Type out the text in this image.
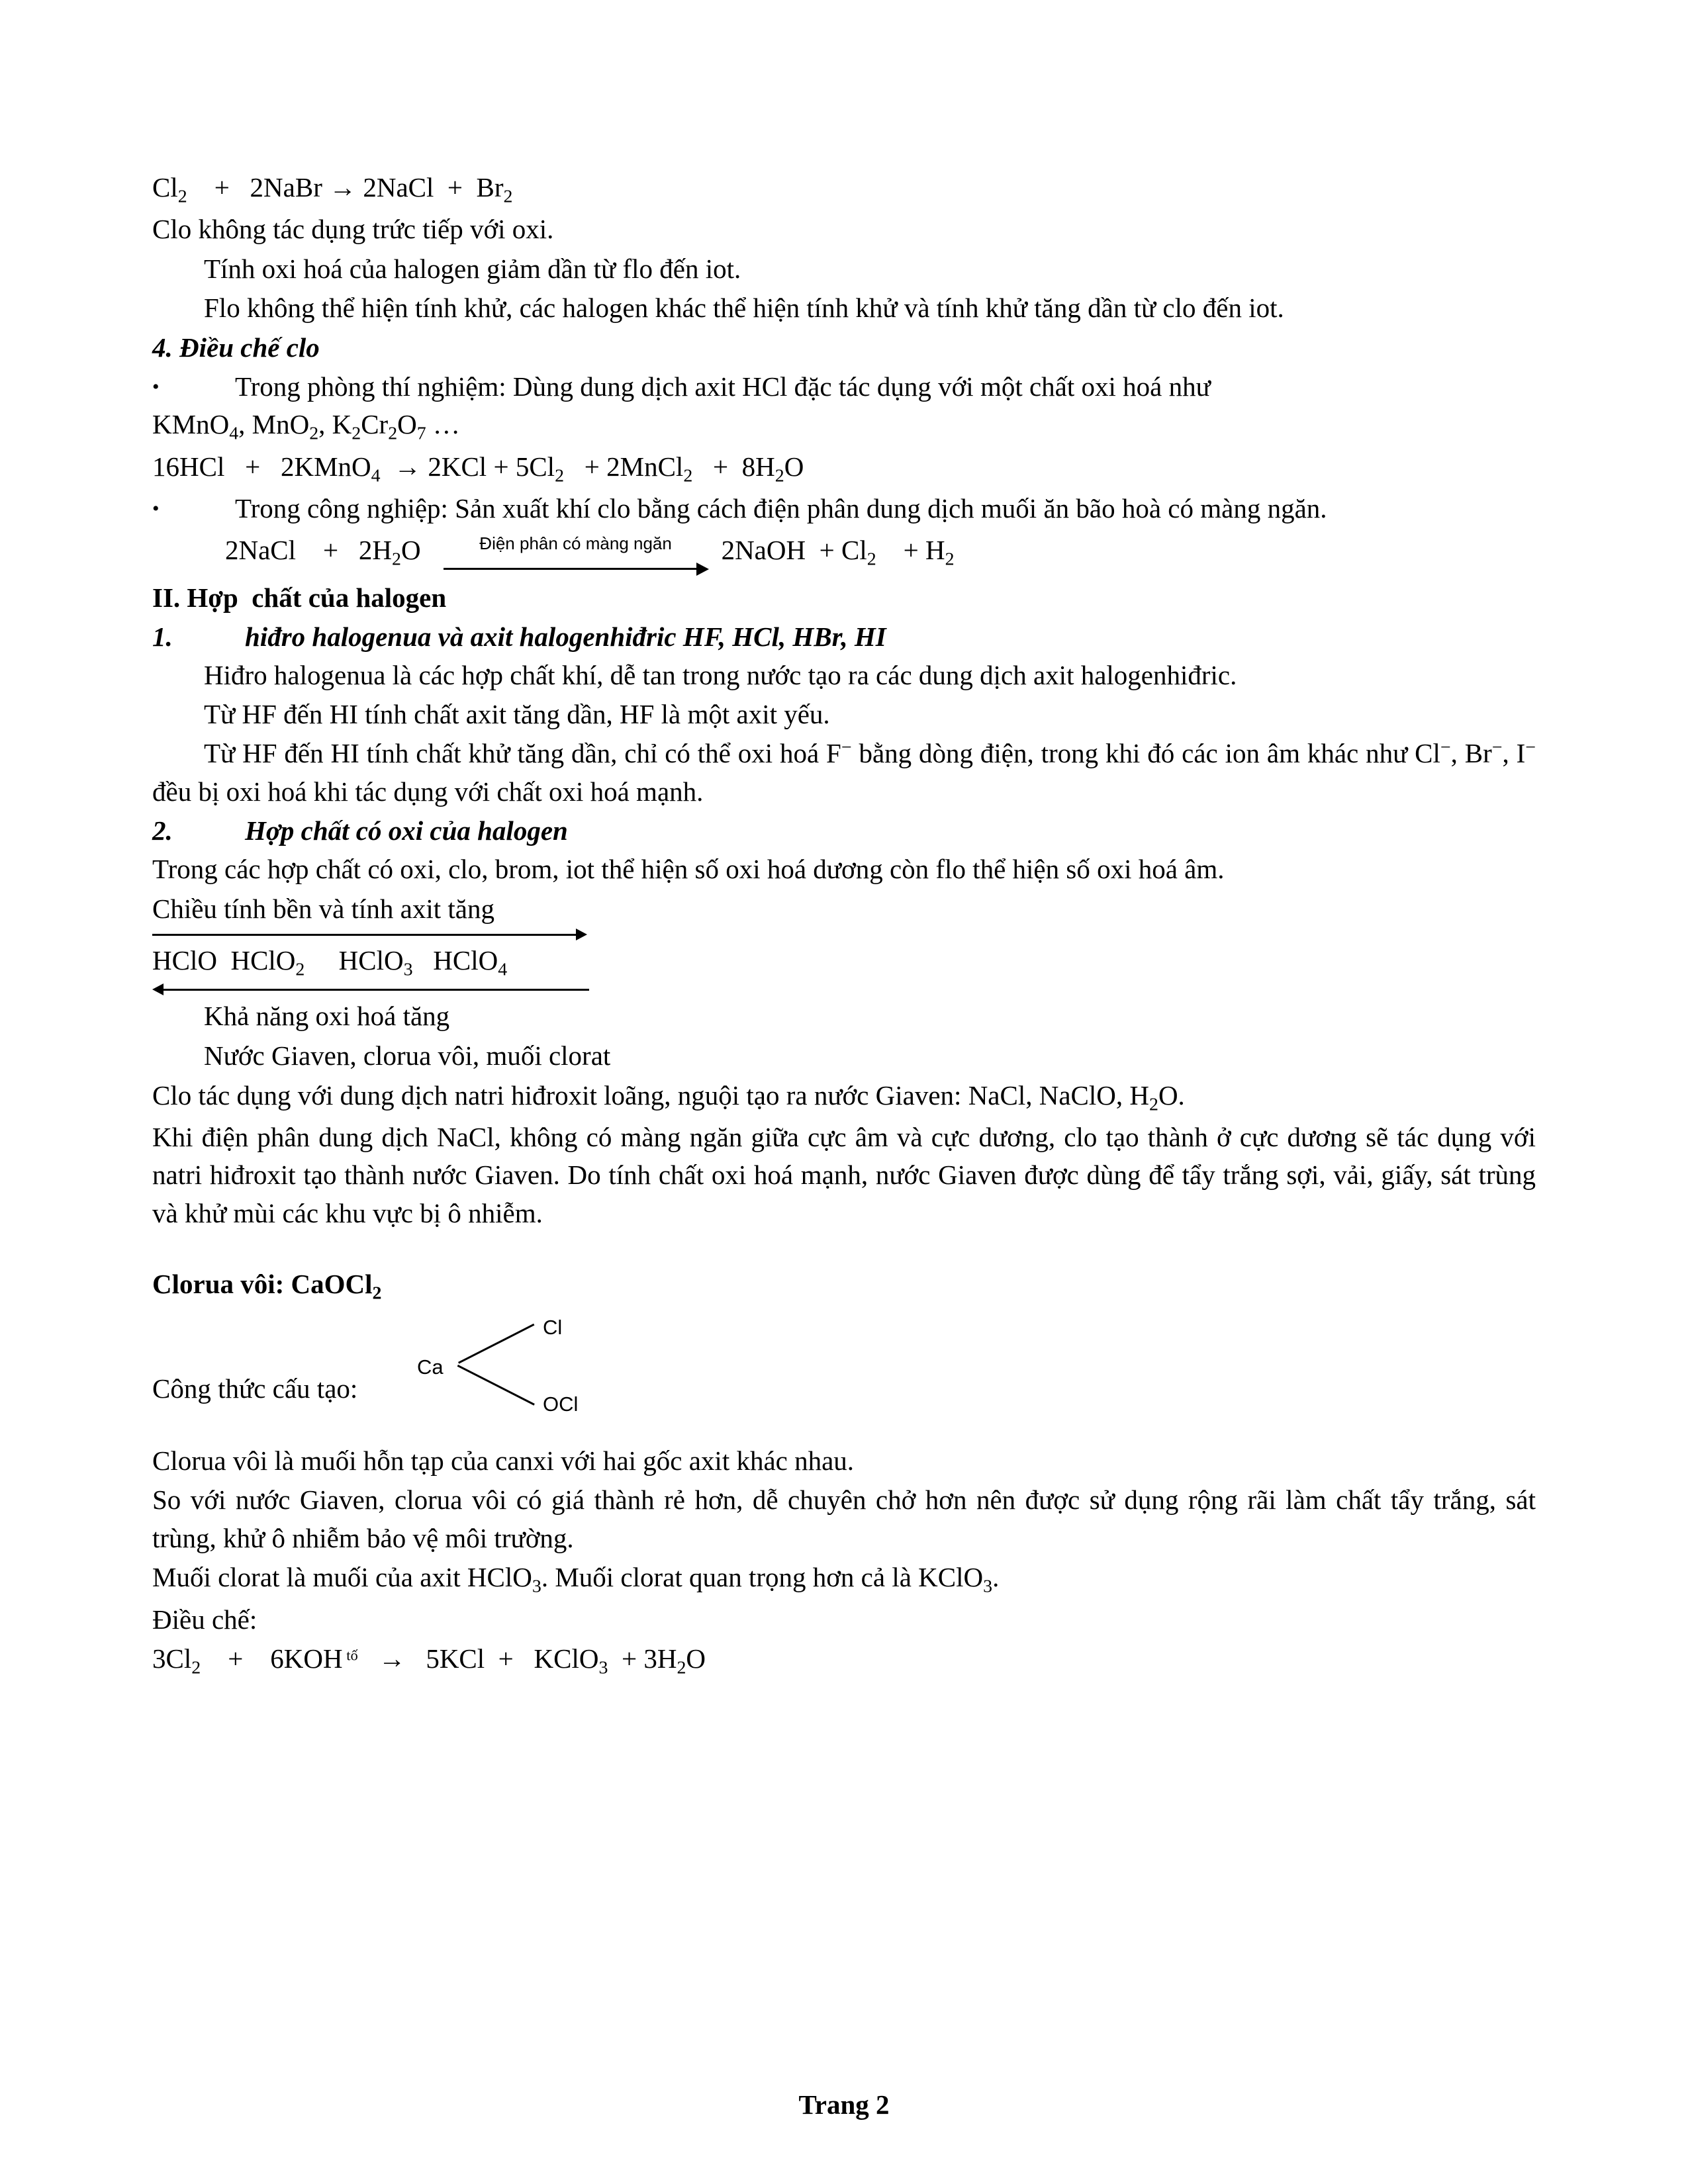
$Cl_2$    +   2NaBr → 2NaCl  +  $Br_2$

Clo không tác dụng trức tiếp với oxi.

Tính oxi hoá của halogen giảm dần từ flo đến iot.

Flo không thể hiện tính khử, các halogen khác thể hiện tính khử và tính khử tăng dần từ clo đến iot.

4. Điều chế clo

•
Trong phòng thí nghiệm: Dùng dung dịch axit HCl đặc tác dụng với một chất oxi hoá như

KMnO$_4$, MnO$_2$, $K_2Cr_2O_7$ …

16HCl   +   2KMnO$_4$  → $2KCl + 5Cl_2$   + 2MnCl$_2$   +  $8H_2O$

•
Trong công nghiệp: Sản xuất khí clo bằng cách điện phân dung dịch muối ăn bão hoà có màng ngăn.
2NaCl    +   $2H_2O$	Điện phân có màng ngăn	2NaOH  + $Cl_2$    + $H_2$

II. Hợp  chất của halogen

1.	hiđro halogenua và axit halogenhiđric HF, HCl, HBr, HI

Hiđro halogenua là các hợp chất khí, dễ tan trong nước tạo ra các dung dịch axit halogenhiđric.

Từ HF đến HI tính chất axit tăng dần, HF là một axit yếu.

Từ HF đến HI tính chất khử tăng dần, chỉ có thể oxi hoá F− bằng dòng điện, trong khi đó các ion âm khác như Cl−, Br−, I− đều bị oxi hoá khi tác dụng với chất oxi hoá mạnh.

2.	Hợp chất có oxi của halogen

Trong các hợp chất có oxi, clo, brom, iot thể hiện số oxi hoá dương còn flo thể hiện số oxi hoá âm.

Chiều tính bền và tính axit tăng
HClO  HClO$_2$     HClO$_3$   HClO$_4$
Khả năng oxi hoá tăng

Nước Giaven, clorua vôi, muối clorat

Clo tác dụng với dung dịch natri hiđroxit loãng, nguội tạo ra nước Giaven: NaCl, NaClO, $H_2O$.

Khi điện phân dung dịch NaCl, không có màng ngăn giữa cực âm và cực dương, clo tạo thành ở cực dương sẽ tác dụng với natri hiđroxit tạo thành nước Giaven. Do tính chất oxi hoá mạnh, nước Giaven được dùng để tẩy trắng sợi, vải, giấy, sát trùng và khử mùi các khu vực bị ô nhiễm.

Clorua vôi: CaOCl$_2$

Ca
Cl
OCl
Công thức cấu tạo:

Clorua vôi là muối hỗn tạp của canxi với hai gốc axit khác nhau.

So với nước Giaven, clorua vôi có giá thành rẻ hơn, dễ chuyên chở hơn nên được sử dụng rộng rãi làm chất tẩy trắng, sát trùng, khử ô nhiễm bảo vệ môi trường.

Muối clorat là muối của axit HClO$_3$. Muối clorat quan trọng hơn cả là KClO$_3$.

Điều chế:

$3Cl_2$    +    6KOH $^{tố}$   →   5KCl  +   KClO$_3$  + $3H_2O$

Trang 2
